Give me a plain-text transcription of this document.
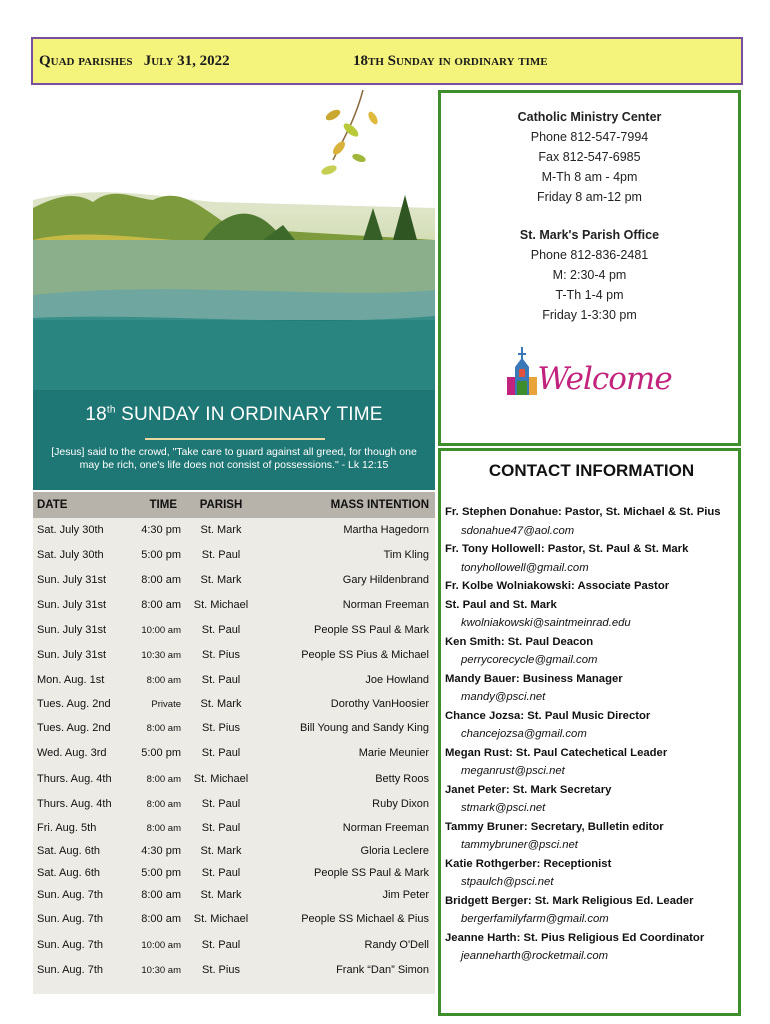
Quad parishes July 31, 2022	18th Sunday in ordinary time
18th SUNDAY IN ORDINARY TIME
[Jesus] said to the crowd, "Take care to guard against all greed, for though one may be rich, one's life does not consist of possessions." - Lk 12:15
Catholic Ministry Center
Phone 812-547-7994
Fax 812-547-6985
M-Th 8 am - 4pm
Friday 8 am-12 pm
St. Mark's Parish Office
Phone 812-836-2481
M: 2:30-4 pm
T-Th 1-4 pm
Friday 1-3:30 pm
Welcome
CONTACT INFORMATION
Fr. Stephen Donahue: Pastor, St. Michael & St. Pius
sdonahue47@aol.com
Fr. Tony Hollowell: Pastor, St. Paul & St. Mark
tonyhollowell@gmail.com
Fr. Kolbe Wolniakowski: Associate Pastor
St. Paul and St. Mark
kwolniakowski@saintmeinrad.edu
Ken Smith: St. Paul Deacon
perrycorecycle@gmail.com
Mandy Bauer: Business Manager
mandy@psci.net
Chance Jozsa: St. Paul Music Director
chancejozsa@gmail.com
Megan Rust: St. Paul Catechetical Leader
meganrust@psci.net
Janet Peter: St. Mark Secretary
stmark@psci.net
Tammy Bruner: Secretary, Bulletin editor
tammybruner@psci.net
Katie Rothgerber: Receptionist
stpaulch@psci.net
Bridgett Berger: St. Mark Religious Ed. Leader
bergerfamilyfarm@gmail.com
Jeanne Harth: St. Pius Religious Ed Coordinator
jeanneharth@rocketmail.com
DATE	TIME	PARISH	MASS INTENTION
Sat. July 30th	4:30 pm	St. Mark	Martha Hagedorn
Sat. July 30th	5:00 pm	St. Paul	Tim Kling
Sun. July 31st	8:00 am	St. Mark	Gary Hildenbrand
Sun. July 31st	8:00 am	St. Michael	Norman Freeman
Sun. July 31st	10:00 am	St. Paul	People SS Paul & Mark
Sun. July 31st	10:30 am	St. Pius	People SS Pius & Michael
Mon. Aug. 1st	8:00 am	St. Paul	Joe Howland
Tues. Aug. 2nd	Private	St. Mark	Dorothy VanHoosier
Tues. Aug. 2nd	8:00 am	St. Pius	Bill Young and Sandy King
Wed. Aug. 3rd	5:00 pm	St. Paul	Marie Meunier
Thurs. Aug. 4th	8:00 am	St. Michael	Betty Roos
Thurs. Aug. 4th	8:00 am	St. Paul	Ruby Dixon
Fri. Aug. 5th	8:00 am	St. Paul	Norman Freeman
Sat. Aug. 6th	4:30 pm	St. Mark	Gloria Leclere
Sat. Aug. 6th	5:00 pm	St. Paul	People SS Paul & Mark
Sun. Aug. 7th	8:00 am	St. Mark	Jim Peter
Sun. Aug. 7th	8:00 am	St. Michael	People SS Michael & Pius
Sun. Aug. 7th	10:00 am	St. Paul	Randy O'Dell
Sun. Aug. 7th	10:30 am	St. Pius	Frank “Dan” Simon
